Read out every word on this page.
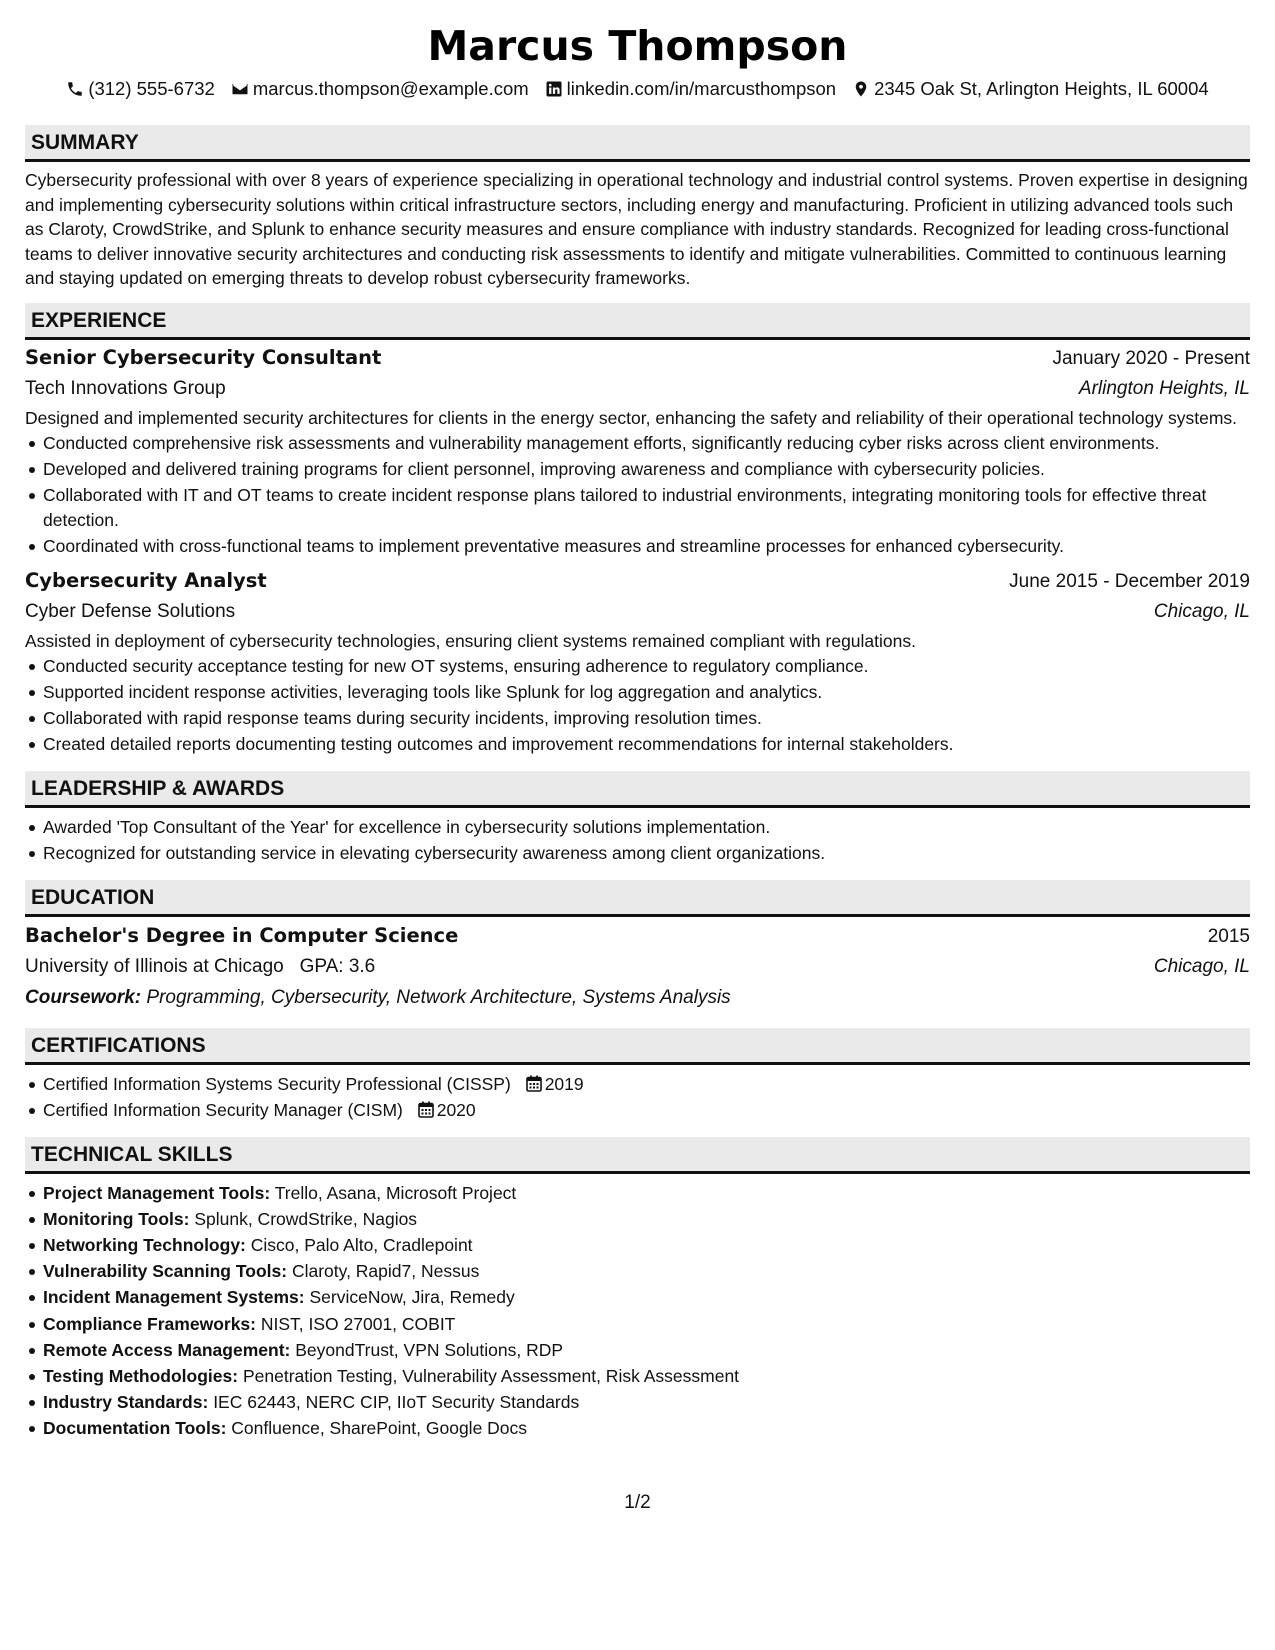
Marcus Thompson
(312) 555-6732 marcus.thompson@example.com linkedin.com/in/marcusthompson 2345 Oak St, Arlington Heights, IL 60004
SUMMARY

Cybersecurity professional with over 8 years of experience specializing in operational technology and industrial control systems. Proven expertise in designing and implementing cybersecurity solutions within critical infrastructure sectors, including energy and manufacturing. Proficient in utilizing advanced tools such as Claroty, CrowdStrike, and Splunk to enhance security measures and ensure compliance with industry standards. Recognized for leading cross-functional teams to deliver innovative security architectures and conducting risk assessments to identify and mitigate vulnerabilities. Committed to continuous learning and staying updated on emerging threats to develop robust cybersecurity frameworks.

EXPERIENCE
Senior Cybersecurity Consultant	January 2020 - Present
Tech Innovations Group	Arlington Heights, IL

Designed and implemented security architectures for clients in the energy sector, enhancing the safety and reliability of their operational technology systems.

Conducted comprehensive risk assessments and vulnerability management efforts, significantly reducing cyber risks across client environments.
Developed and delivered training programs for client personnel, improving awareness and compliance with cybersecurity policies.
Collaborated with IT and OT teams to create incident response plans tailored to industrial environments, integrating monitoring tools for effective threat detection.
Coordinated with cross-functional teams to implement preventative measures and streamline processes for enhanced cybersecurity.
Cybersecurity Analyst	June 2015 - December 2019
Cyber Defense Solutions	Chicago, IL

Assisted in deployment of cybersecurity technologies, ensuring client systems remained compliant with regulations.

Conducted security acceptance testing for new OT systems, ensuring adherence to regulatory compliance.
Supported incident response activities, leveraging tools like Splunk for log aggregation and analytics.
Collaborated with rapid response teams during security incidents, improving resolution times.
Created detailed reports documenting testing outcomes and improvement recommendations for internal stakeholders.
LEADERSHIP & AWARDS
Awarded 'Top Consultant of the Year' for excellence in cybersecurity solutions implementation.
Recognized for outstanding service in elevating cybersecurity awareness among client organizations.
EDUCATION
Bachelor's Degree in Computer Science	2015
University of Illinois at Chicago GPA: 3.6	Chicago, IL
Coursework: Programming, Cybersecurity, Network Architecture, Systems Analysis
CERTIFICATIONS
Certified Information Systems Security Professional (CISSP) 2019
Certified Information Security Manager (CISM) 2020
TECHNICAL SKILLS
Project Management Tools: Trello, Asana, Microsoft Project
Monitoring Tools: Splunk, CrowdStrike, Nagios
Networking Technology: Cisco, Palo Alto, Cradlepoint
Vulnerability Scanning Tools: Claroty, Rapid7, Nessus
Incident Management Systems: ServiceNow, Jira, Remedy
Compliance Frameworks: NIST, ISO 27001, COBIT
Remote Access Management: BeyondTrust, VPN Solutions, RDP
Testing Methodologies: Penetration Testing, Vulnerability Assessment, Risk Assessment
Industry Standards: IEC 62443, NERC CIP, IIoT Security Standards
Documentation Tools: Confluence, SharePoint, Google Docs
1/2
